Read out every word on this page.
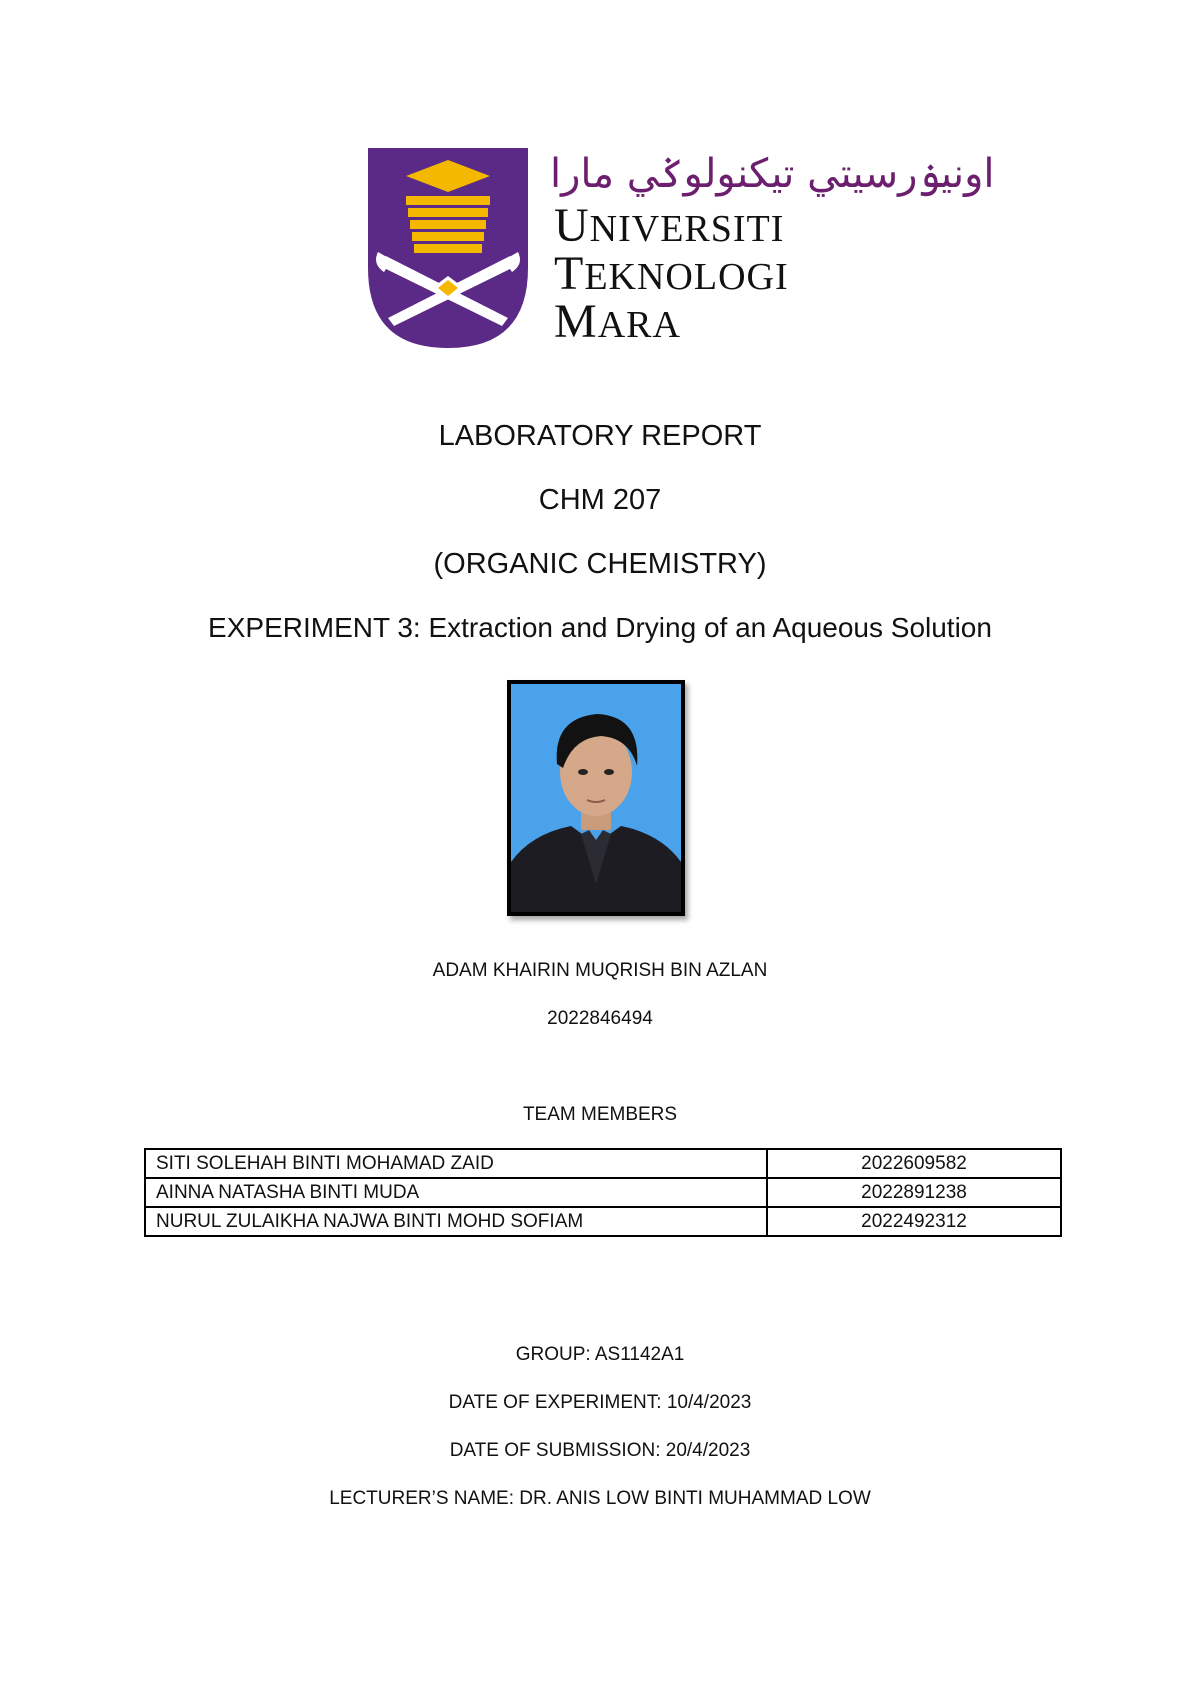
اونيۏرسيتي تيکنولوݢي مارا
UNIVERSITI
TEKNOLOGI
MARA
LABORATORY REPORT
CHM 207
(ORGANIC CHEMISTRY)
EXPERIMENT 3: Extraction and Drying of an Aqueous Solution
ADAM KHAIRIN MUQRISH BIN AZLAN
2022846494
TEAM MEMBERS
SITI SOLEHAH BINTI MOHAMAD ZAID	2022609582
AINNA NATASHA BINTI MUDA	2022891238
NURUL ZULAIKHA NAJWA BINTI MOHD SOFIAM	2022492312
GROUP: AS1142A1
DATE OF EXPERIMENT: 10/4/2023
DATE OF SUBMISSION: 20/4/2023
LECTURER’S NAME: DR. ANIS LOW BINTI MUHAMMAD LOW
